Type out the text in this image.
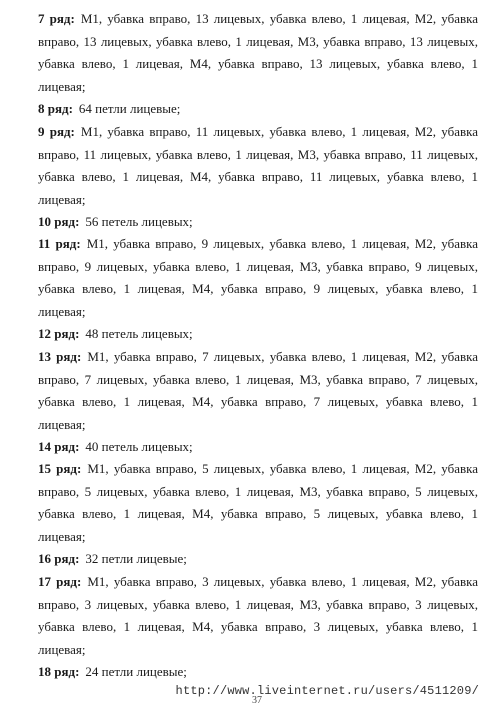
7 ряд: М1, убавка вправо, 13 лицевых, убавка влево, 1 лицевая, М2, убавка вправо, 13 лицевых, убавка влево, 1 лицевая, М3, убавка вправо, 13 лицевых, убавка влево, 1 лицевая, М4, убавка вправо, 13 лицевых, убавка влево, 1 лицевая;
8 ряд: 64 петли лицевые;
9 ряд: М1, убавка вправо, 11 лицевых, убавка влево, 1 лицевая, М2, убавка вправо, 11 лицевых, убавка влево, 1 лицевая, М3, убавка вправо, 11 лицевых, убавка влево, 1 лицевая, М4, убавка вправо, 11 лицевых, убавка влево, 1 лицевая;
10 ряд: 56 петель лицевых;
11 ряд: М1, убавка вправо, 9 лицевых, убавка влево, 1 лицевая, М2, убавка вправо, 9 лицевых, убавка влево, 1 лицевая, М3, убавка вправо, 9 лицевых, убавка влево, 1 лицевая, М4, убавка вправо, 9 лицевых, убавка влево, 1 лицевая;
12 ряд: 48 петель лицевых;
13 ряд: М1, убавка вправо, 7 лицевых, убавка влево, 1 лицевая, М2, убавка вправо, 7 лицевых, убавка влево, 1 лицевая, М3, убавка вправо, 7 лицевых, убавка влево, 1 лицевая, М4, убавка вправо, 7 лицевых, убавка влево, 1 лицевая;
14 ряд: 40 петель лицевых;
15 ряд: М1, убавка вправо, 5 лицевых, убавка влево, 1 лицевая, М2, убавка вправо, 5 лицевых, убавка влево, 1 лицевая, М3, убавка вправо, 5 лицевых, убавка влево, 1 лицевая, М4, убавка вправо, 5 лицевых, убавка влево, 1 лицевая;
16 ряд: 32 петли лицевые;
17 ряд: М1, убавка вправо, 3 лицевых, убавка влево, 1 лицевая, М2, убавка вправо, 3 лицевых, убавка влево, 1 лицевая, М3, убавка вправо, 3 лицевых, убавка влево, 1 лицевая, М4, убавка вправо, 3 лицевых, убавка влево, 1 лицевая;
18 ряд: 24 петли лицевые;
37
http://www.liveinternet.ru/users/4511209/
